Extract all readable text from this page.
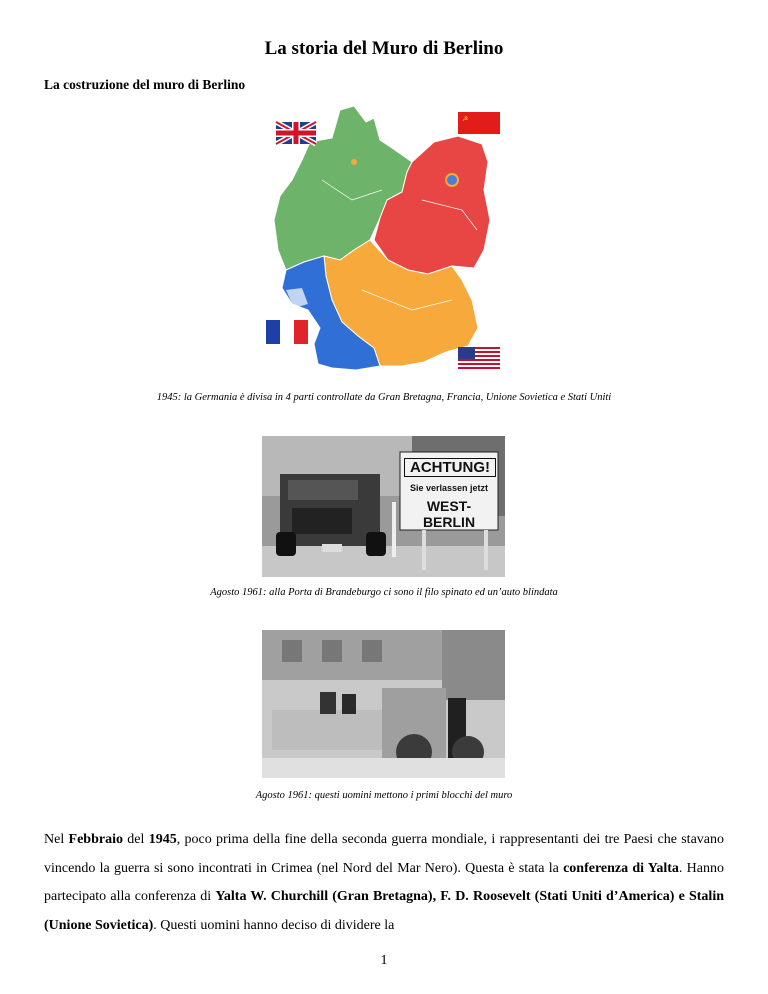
La storia del Muro di Berlino
La costruzione del muro di Berlino
☭
1945: la Germania è divisa in 4 parti controllate da Gran Bretagna, Francia, Unione Sovietica e Stati Uniti
ACHTUNG!
Sie verlassen jetzt
WEST-BERLIN
Agosto 1961: alla Porta di Brandeburgo ci sono il filo spinato ed un’auto blindata
Agosto 1961: questi uomini mettono i primi blocchi del muro
Nel Febbraio del 1945, poco prima della fine della seconda guerra mondiale, i rappresentanti dei tre Paesi che stavano vincendo la guerra si sono incontrati in Crimea (nel Nord del Mar Nero). Questa è stata la conferenza di Yalta. Hanno partecipato alla conferenza di Yalta W. Churchill (Gran Bretagna), F. D. Roosevelt (Stati Uniti d’America) e Stalin (Unione Sovietica). Questi uomini hanno deciso di dividere la
1
